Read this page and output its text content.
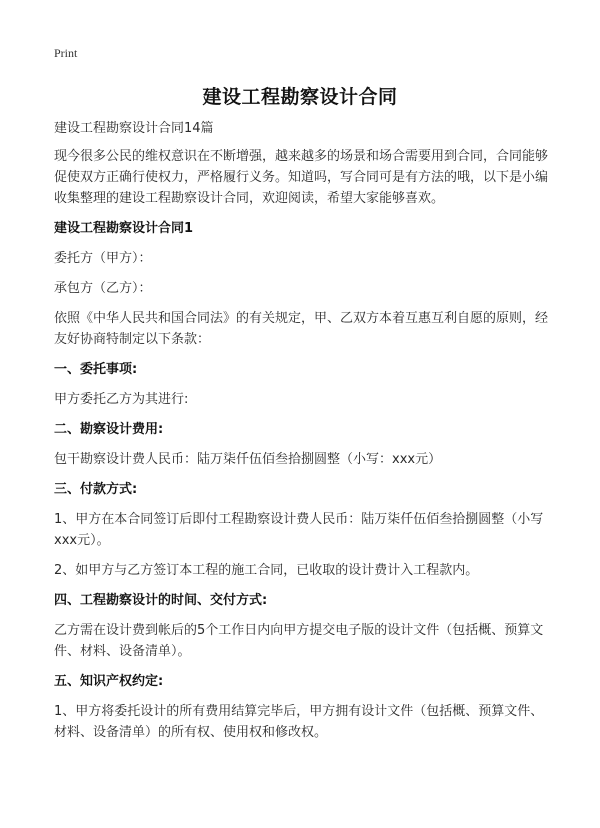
Print
建设工程勘察设计合同
建设工程勘察设计合同14篇
现今很多公民的维权意识在不断增强，越来越多的场景和场合需要用到合同，合同能够促使双方正确行使权力，严格履行义务。知道吗，写合同可是有方法的哦，以下是小编收集整理的建设工程勘察设计合同，欢迎阅读，希望大家能够喜欢。
建设工程勘察设计合同1
委托方（甲方）：
承包方（乙方）：
依照《中华人民共和国合同法》的有关规定，甲、乙双方本着互惠互利自愿的原则，经友好协商特制定以下条款：
一、委托事项:
甲方委托乙方为其进行:
二、勘察设计费用:
包干勘察设计费人民币：陆万柒仟伍佰叁拾捌圆整（小写：xxx元）
三、付款方式:
1、甲方在本合同签订后即付工程勘察设计费人民币：陆万柒仟伍佰叁拾捌圆整（小写xxx元）。
2、如甲方与乙方签订本工程的施工合同，已收取的设计费计入工程款内。
四、工程勘察设计的时间、交付方式:
乙方需在设计费到帐后的5个工作日内向甲方提交电子版的设计文件（包括概、预算文件、材料、设备清单）。
五、知识产权约定:
1、甲方将委托设计的所有费用结算完毕后，甲方拥有设计文件（包括概、预算文件、材料、设备清单）的所有权、使用权和修改权。
